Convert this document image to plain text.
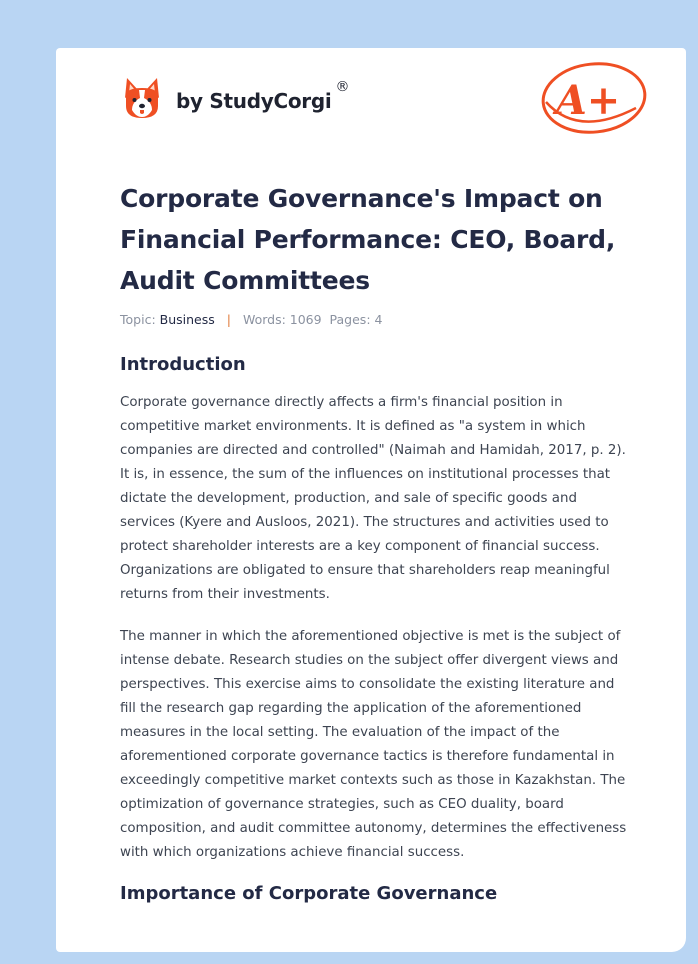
by StudyCorgi
®	A+
Corporate Governance's Impact on Financial Performance: CEO, Board, Audit Committees
Topic: Business | Words: 1069 Pages: 4
Introduction

Corporate governance directly affects a firm's financial position in competitive market environments. It is defined as "a system in which companies are directed and controlled" (Naimah and Hamidah, 2017, p. 2). It is, in essence, the sum of the influences on institutional processes that dictate the development, production, and sale of specific goods and services (Kyere and Ausloos, 2021). The structures and activities used to protect shareholder interests are a key component of financial success. Organizations are obligated to ensure that shareholders reap meaningful returns from their investments.

The manner in which the aforementioned objective is met is the subject of intense debate. Research studies on the subject offer divergent views and perspectives. This exercise aims to consolidate the existing literature and fill the research gap regarding the application of the aforementioned measures in the local setting. The evaluation of the impact of the aforementioned corporate governance tactics is therefore fundamental in exceedingly competitive market contexts such as those in Kazakhstan. The optimization of governance strategies, such as CEO duality, board composition, and audit committee autonomy, determines the effectiveness with which organizations achieve financial success.

Importance of Corporate Governance
